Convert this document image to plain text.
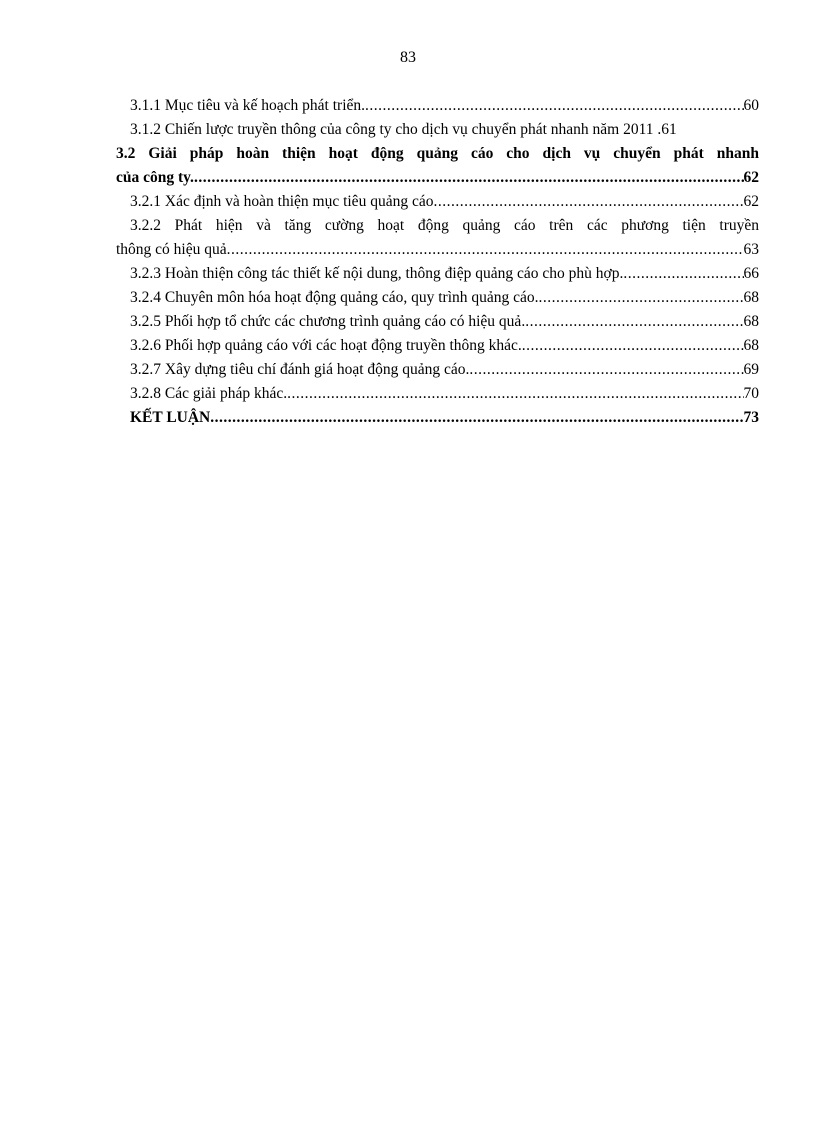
83
3.1.1 Mục tiêu và kế hoạch phát triển. .....	60
3.1.2 Chiến lược truyền thông của công ty cho dịch vụ chuyển phát nhanh năm 2011 . 61
3.2 Giải pháp hoàn thiện hoạt động quảng cáo cho dịch vụ chuyển phát nhanh
của công ty. .....	62
3.2.1 Xác định và hoàn thiện mục tiêu quảng cáo .....	62
3.2.2 Phát hiện và tăng cường hoạt động quảng cáo trên các phương tiện truyền
thông có hiệu quả .....	63
3.2.3 Hoàn thiện công tác thiết kế nội dung, thông điệp quảng cáo cho phù hợp. .....	66
3.2.4 Chuyên môn hóa hoạt động quảng cáo, quy trình quảng cáo. .....	68
3.2.5 Phối hợp tổ chức các chương trình quảng cáo có hiệu quả. .....	68
3.2.6 Phối hợp quảng cáo với các hoạt động truyền thông khác. .....	68
3.2.7 Xây dựng tiêu chí đánh giá hoạt động quảng cáo. .....	69
3.2.8 Các giải pháp khác. .....	70
KẾT LUẬN .....	73
